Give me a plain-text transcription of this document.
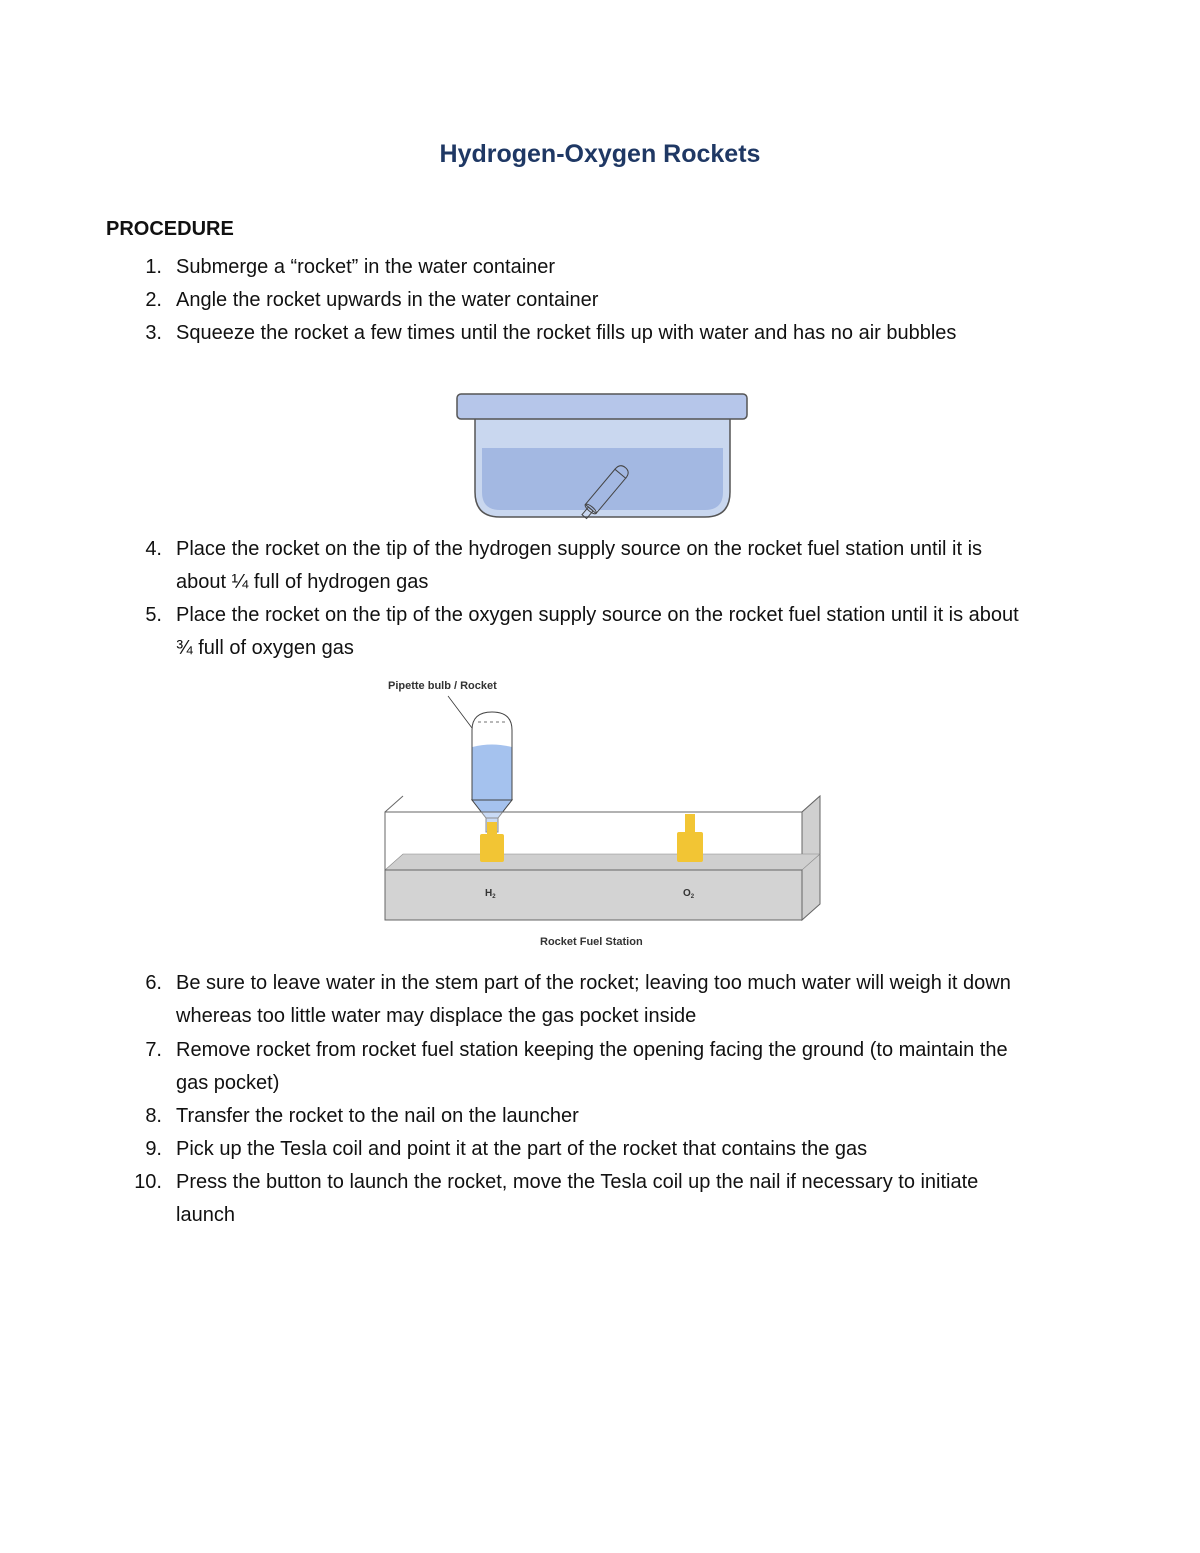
Hydrogen-Oxygen Rockets
PROCEDURE
1. Submerge a “rocket” in the water container
2. Angle the rocket upwards in the water container
3. Squeeze the rocket a few times until the rocket fills up with water and has no air bubbles
4. Place the rocket on the tip of the hydrogen supply source on the rocket fuel station until it is
about ¼ full of hydrogen gas
5. Place the rocket on the tip of the oxygen supply source on the rocket fuel station until it is about
¾ full of oxygen gas
6. Be sure to leave water in the stem part of the rocket; leaving too much water will weigh it down
whereas too little water may displace the gas pocket inside
7. Remove rocket from rocket fuel station keeping the opening facing the ground (to maintain the
gas pocket)
8. Transfer the rocket to the nail on the launcher
9. Pick up the Tesla coil and point it at the part of the rocket that contains the gas
10. Press the button to launch the rocket, move the Tesla coil up the nail if necessary to initiate
launch
Pipette bulb / Rocket
$H_2$	$O_2$
Rocket Fuel Station
